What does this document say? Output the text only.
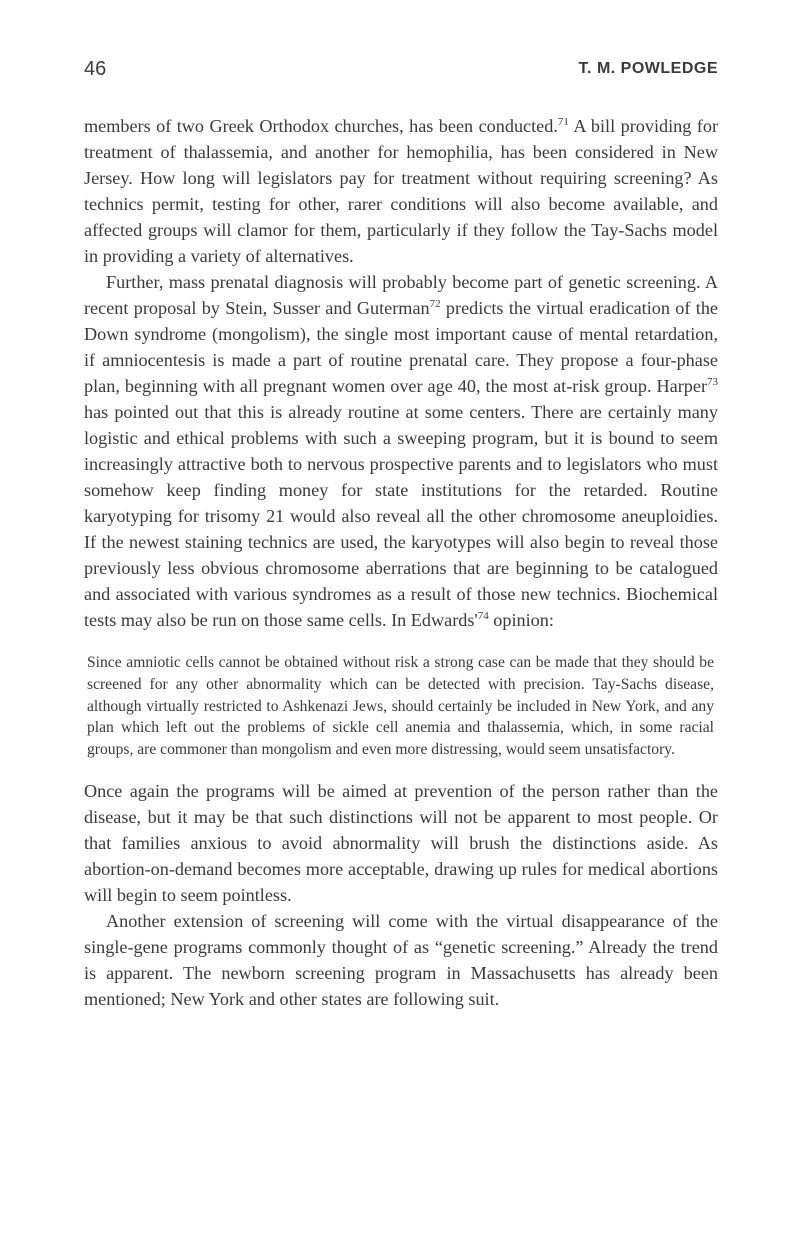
46	T. M. POWLEDGE

members of two Greek Orthodox churches, has been conducted.$^{71}$ A bill providing for treatment of thalassemia, and another for hemophilia, has been considered in New Jersey. How long will legislators pay for treatment without requiring screening? As technics permit, testing for other, rarer conditions will also become available, and affected groups will clamor for them, particularly if they follow the Tay-Sachs model in providing a variety of alternatives.

Further, mass prenatal diagnosis will probably become part of genetic screening. A recent proposal by Stein, Susser and Guterman$^{72}$ predicts the virtual eradication of the Down syndrome (mongolism), the single most important cause of mental retardation, if amniocentesis is made a part of routine prenatal care. They propose a four-phase plan, beginning with all pregnant women over age 40, the most at-risk group. Harper$^{73}$ has pointed out that this is already routine at some centers. There are certainly many logistic and ethical problems with such a sweeping program, but it is bound to seem increasingly attractive both to nervous prospective parents and to legislators who must somehow keep finding money for state institutions for the retarded. Routine karyotyping for trisomy 21 would also reveal all the other chromosome aneuploidies. If the newest staining technics are used, the karyotypes will also begin to reveal those previously less obvious chromosome aberrations that are beginning to be catalogued and associated with various syndromes as a result of those new technics. Biochemical tests may also be run on those same cells. In $Edwards'^{74}$ opinion:

Since amniotic cells cannot be obtained without risk a strong case can be made that they should be screened for any other abnormality which can be detected with precision. Tay-Sachs disease, although virtually restricted to Ashkenazi Jews, should certainly be included in New York, and any plan which left out the problems of sickle cell anemia and thalassemia, which, in some racial groups, are commoner than mongolism and even more distressing, would seem unsatisfactory.

Once again the programs will be aimed at prevention of the person rather than the disease, but it may be that such distinctions will not be apparent to most people. Or that families anxious to avoid abnormality will brush the distinctions aside. As abortion-on-demand becomes more acceptable, drawing up rules for medical abortions will begin to seem pointless.

Another extension of screening will come with the virtual disappearance of the single-gene programs commonly thought of as “genetic screening.” Already the trend is apparent. The newborn screening program in Massachusetts has already been mentioned; New York and other states are following suit.
